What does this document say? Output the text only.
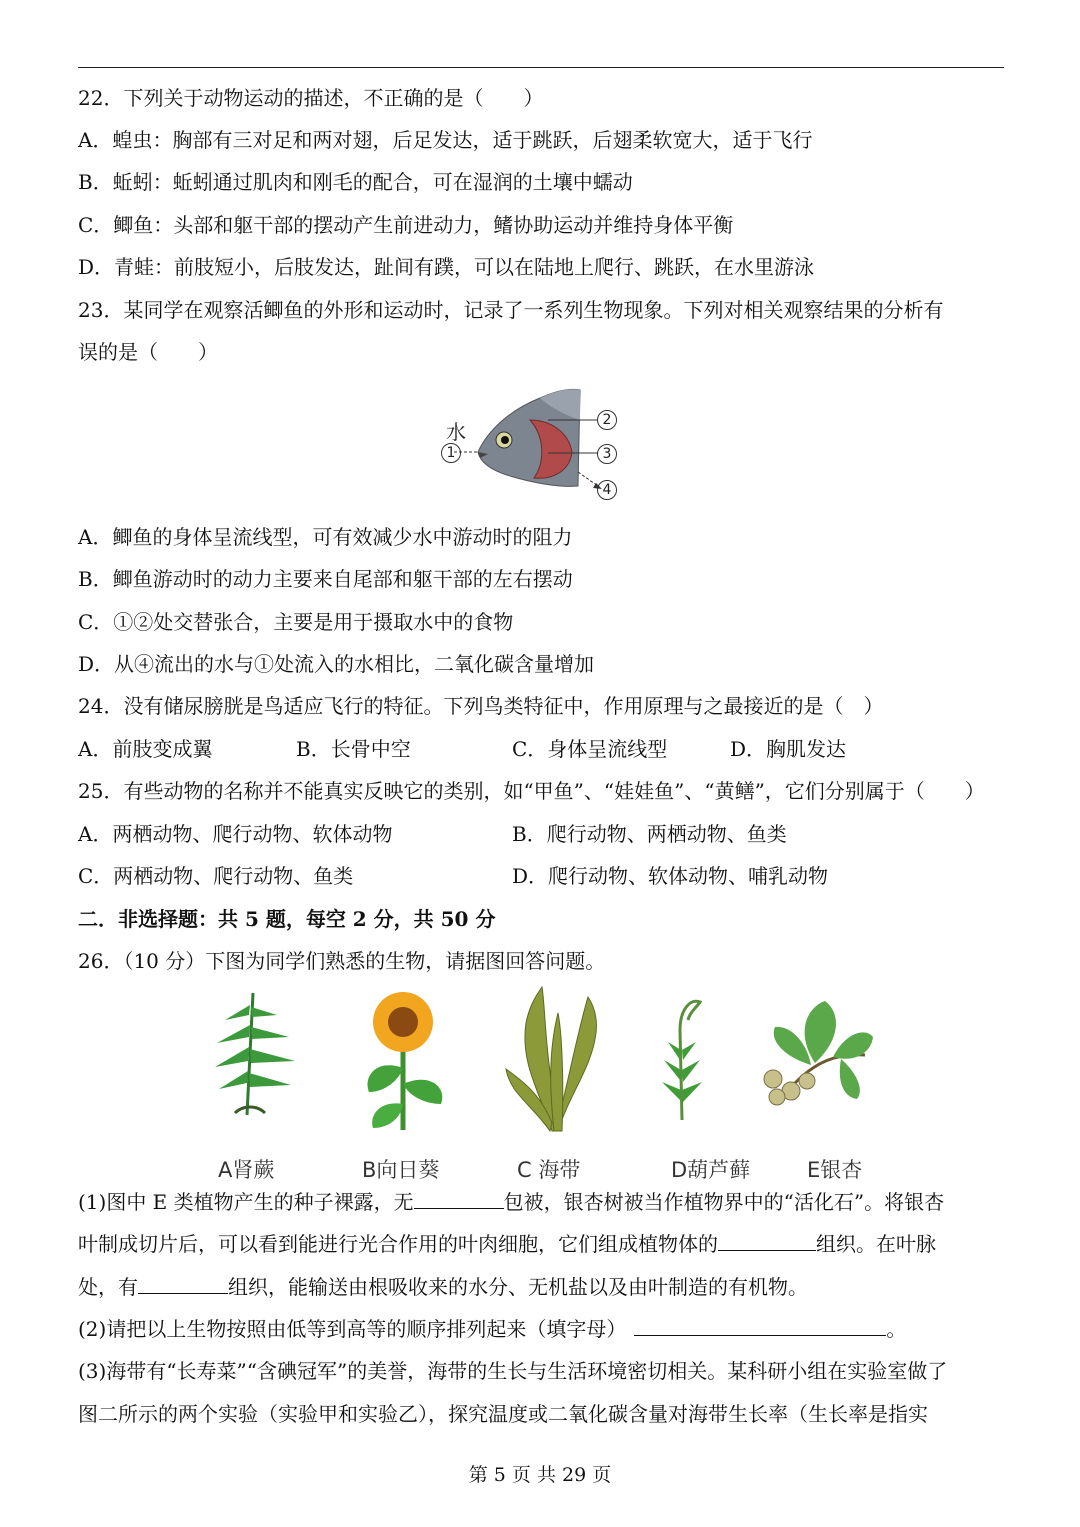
22．下列关于动物运动的描述，不正确的是（　　）
A．蝗虫：胸部有三对足和两对翅，后足发达，适于跳跃，后翅柔软宽大，适于飞行
B．蚯蚓：蚯蚓通过肌肉和刚毛的配合，可在湿润的土壤中蠕动
C．鲫鱼：头部和躯干部的摆动产生前进动力，鳍协助运动并维持身体平衡
D．青蛙：前肢短小，后肢发达，趾间有蹼，可以在陆地上爬行、跳跃，在水里游泳
23．某同学在观察活鲫鱼的外形和运动时，记录了一系列生物现象。下列对相关观察结果的分析有
误的是（　　）
水
1
2
3
4
A．鲫鱼的身体呈流线型，可有效减少水中游动时的阻力
B．鲫鱼游动时的动力主要来自尾部和躯干部的左右摆动
C．①②处交替张合，主要是用于摄取水中的食物
D．从④流出的水与①处流入的水相比，二氧化碳含量增加
24．没有储尿膀胱是鸟适应飞行的特征。下列鸟类特征中，作用原理与之最接近的是（　）
A．前肢变成翼	B．长骨中空	C．身体呈流线型	D．胸肌发达
25．有些动物的名称并不能真实反映它的类别，如“甲鱼”、“娃娃鱼”、“黄鳝”，它们分别属于（　　）
A．两栖动物、爬行动物、软体动物	B．爬行动物、两栖动物、鱼类
C．两栖动物、爬行动物、鱼类	D．爬行动物、软体动物、哺乳动物
二．非选择题：共 5 题，每空 2 分，共 50 分
26．（10 分）下图为同学们熟悉的生物，请据图回答问题。
A肾蕨	B向日葵	C 海带	D葫芦藓	E银杏
(1)图中 E 类植物产生的种子裸露，无	包被，银杏树被当作植物界中的“活化石”。将银杏
叶制成切片后，可以看到能进行光合作用的叶肉细胞，它们组成植物体的	组织。在叶脉
处，有	组织，能输送由根吸收来的水分、无机盐以及由叶制造的有机物。
(2)请把以上生物按照由低等到高等的顺序排列起来（填字母）	。
(3)海带有“长寿菜”“含碘冠军”的美誉，海带的生长与生活环境密切相关。某科研小组在实验室做了
图二所示的两个实验（实验甲和实验乙），探究温度或二氧化碳含量对海带生长率（生长率是指实
第 5 页 共 29 页
